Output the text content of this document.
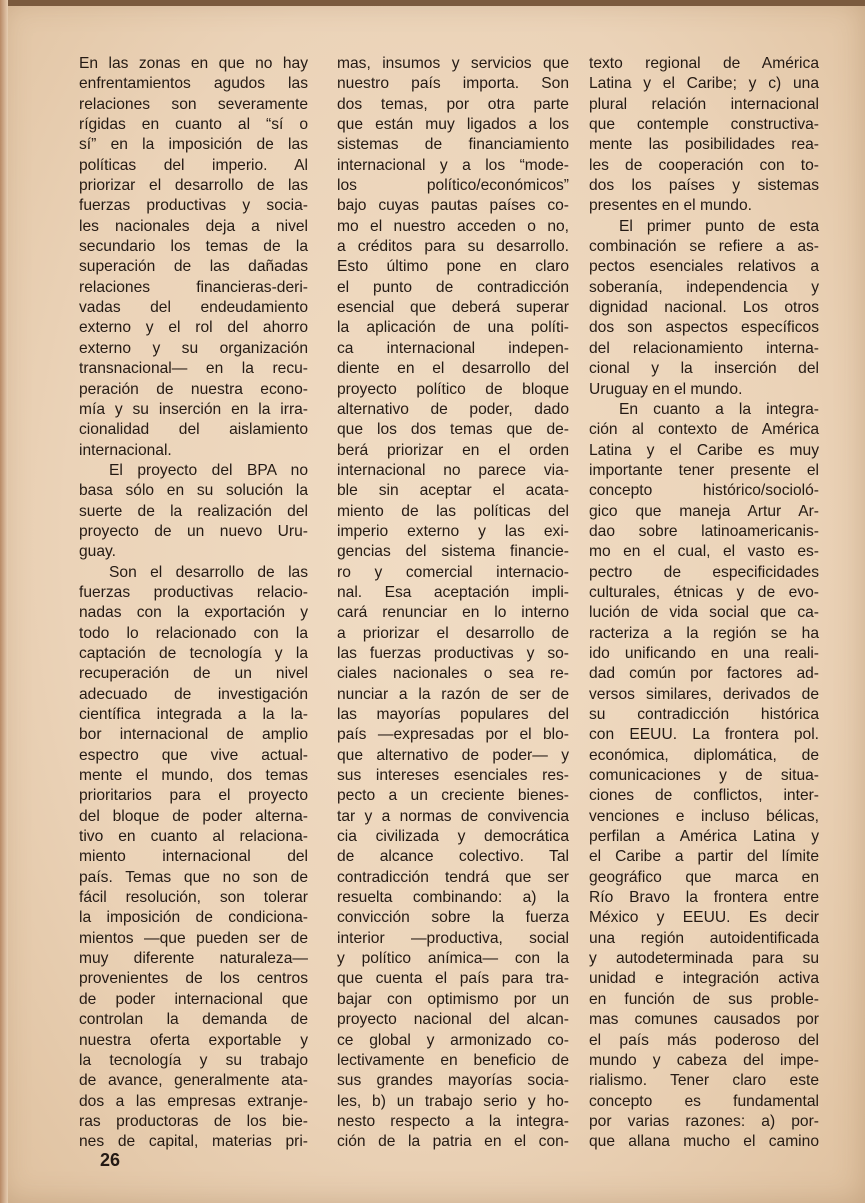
En las zonas en que no hay
enfrentamientos agudos las
relaciones son severamente
rígidas en cuanto al “sí o
sí” en la imposición de las
políticas del imperio. Al
priorizar el desarrollo de las
fuerzas productivas y socia-
les nacionales deja a nivel
secundario los temas de la
superación de las dañadas
relaciones financieras-deri-
vadas del endeudamiento
externo y el rol del ahorro
externo y su organización
transnacional— en la recu-
peración de nuestra econo-
mía y su inserción en la irra-
cionalidad del aislamiento
internacional.

El proyecto del BPA no
basa sólo en su solución la
suerte de la realización del
proyecto de un nuevo Uru-
guay.

Son el desarrollo de las
fuerzas productivas relacio-
nadas con la exportación y
todo lo relacionado con la
captación de tecnología y la
recuperación de un nivel
adecuado de investigación
científica integrada a la la-
bor internacional de amplio
espectro que vive actual-
mente el mundo, dos temas
prioritarios para el proyecto
del bloque de poder alterna-
tivo en cuanto al relaciona-
miento internacional del
país. Temas que no son de
fácil resolución, son tolerar
la imposición de condiciona-
mientos —que pueden ser de
muy diferente naturaleza—
provenientes de los centros
de poder internacional que
controlan la demanda de
nuestra oferta exportable y
la tecnología y su trabajo
de avance, generalmente ata-
dos a las empresas extranje-
ras productoras de los bie-
nes de capital, materias pri-

mas, insumos y servicios que
nuestro país importa. Son
dos temas, por otra parte
que están muy ligados a los
sistemas de financiamiento
internacional y a los “mode-
los político/económicos”
bajo cuyas pautas países co-
mo el nuestro acceden o no,
a créditos para su desarrollo.
Esto último pone en claro
el punto de contradicción
esencial que deberá superar
la aplicación de una políti-
ca internacional indepen-
diente en el desarrollo del
proyecto político de bloque
alternativo de poder, dado
que los dos temas que de-
berá priorizar en el orden
internacional no parece via-
ble sin aceptar el acata-
miento de las políticas del
imperio externo y las exi-
gencias del sistema financie-
ro y comercial internacio-
nal. Esa aceptación impli-
cará renunciar en lo interno
a priorizar el desarrollo de
las fuerzas productivas y so-
ciales nacionales o sea re-
nunciar a la razón de ser de
las mayorías populares del
país —expresadas por el blo-
que alternativo de poder— y
sus intereses esenciales res-
pecto a un creciente bienes-
tar y a normas de convivencia
cia civilizada y democrática
de alcance colectivo. Tal
contradicción tendrá que ser
resuelta combinando: a) la
convicción sobre la fuerza
interior —productiva, social
y político anímica— con la
que cuenta el país para tra-
bajar con optimismo por un
proyecto nacional del alcan-
ce global y armonizado co-
lectivamente en beneficio de
sus grandes mayorías socia-
les, b) un trabajo serio y ho-
nesto respecto a la integra-
ción de la patria en el con-

texto regional de América
Latina y el Caribe; y c) una
plural relación internacional
que contemple constructiva-
mente las posibilidades rea-
les de cooperación con to-
dos los países y sistemas
presentes en el mundo.

El primer punto de esta
combinación se refiere a as-
pectos esenciales relativos a
soberanía, independencia y
dignidad nacional. Los otros
dos son aspectos específicos
del relacionamiento interna-
cional y la inserción del
Uruguay en el mundo.

En cuanto a la integra-
ción al contexto de América
Latina y el Caribe es muy
importante tener presente el
concepto histórico/socioló-
gico que maneja Artur Ar-
dao sobre latinoamericanis-
mo en el cual, el vasto es-
pectro de especificidades
culturales, étnicas y de evo-
lución de vida social que ca-
racteriza a la región se ha
ido unificando en una reali-
dad común por factores ad-
versos similares, derivados de
su contradicción histórica
con EEUU. La frontera pol.
económica, diplomática, de
comunicaciones y de situa-
ciones de conflictos, inter-
venciones e incluso bélicas,
perfilan a América Latina y
el Caribe a partir del límite
geográfico que marca en
Río Bravo la frontera entre
México y EEUU. Es decir
una región autoidentificada
y autodeterminada para su
unidad e integración activa
en función de sus proble-
mas comunes causados por
el país más poderoso del
mundo y cabeza del impe-
rialismo. Tener claro este
concepto es fundamental
por varias razones: a) por-
que allana mucho el camino

26
